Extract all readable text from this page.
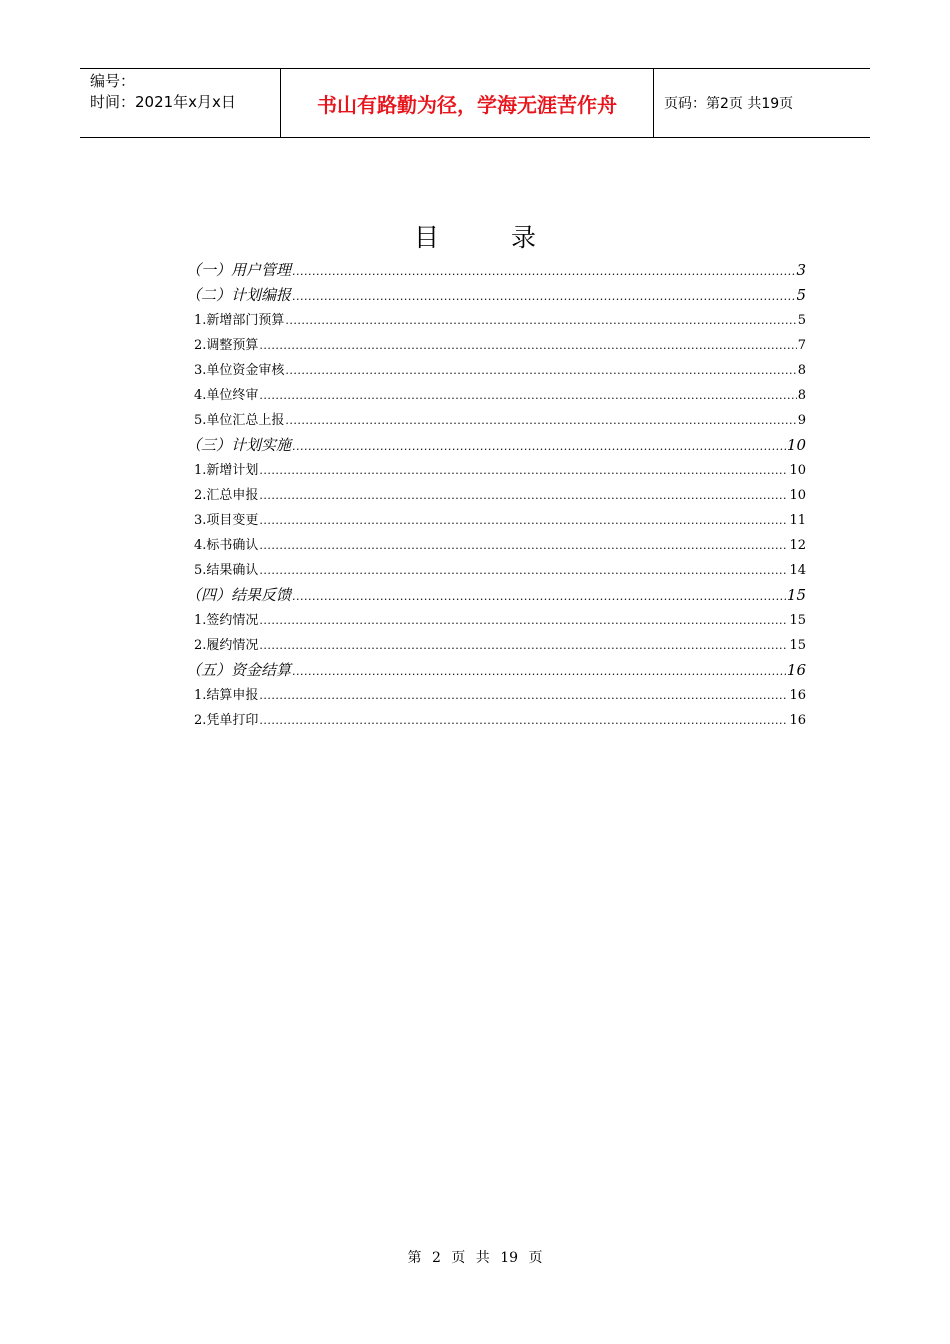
编号：
时间：2021年x月x日	书山有路勤为径，学海无涯苦作舟	页码：第2页 共19页
目 录
（一）用户管理 .....	3
（二）计划编报 .....	5
1.新增部门预算 .....	5
2.调整预算 .....	7
3.单位资金审核 .....	8
4.单位终审 .....	8
5.单位汇总上报 .....	9
（三）计划实施 .....	10
1.新增计划 .....	10
2.汇总申报 .....	10
3.项目变更 .....	11
4.标书确认 .....	12
5.结果确认 .....	14
（四）结果反馈 .....	15
1.签约情况 .....	15
2.履约情况 .....	15
（五）资金结算 .....	16
1.结算申报 .....	16
2.凭单打印 .....	16
第 2 页 共 19 页
